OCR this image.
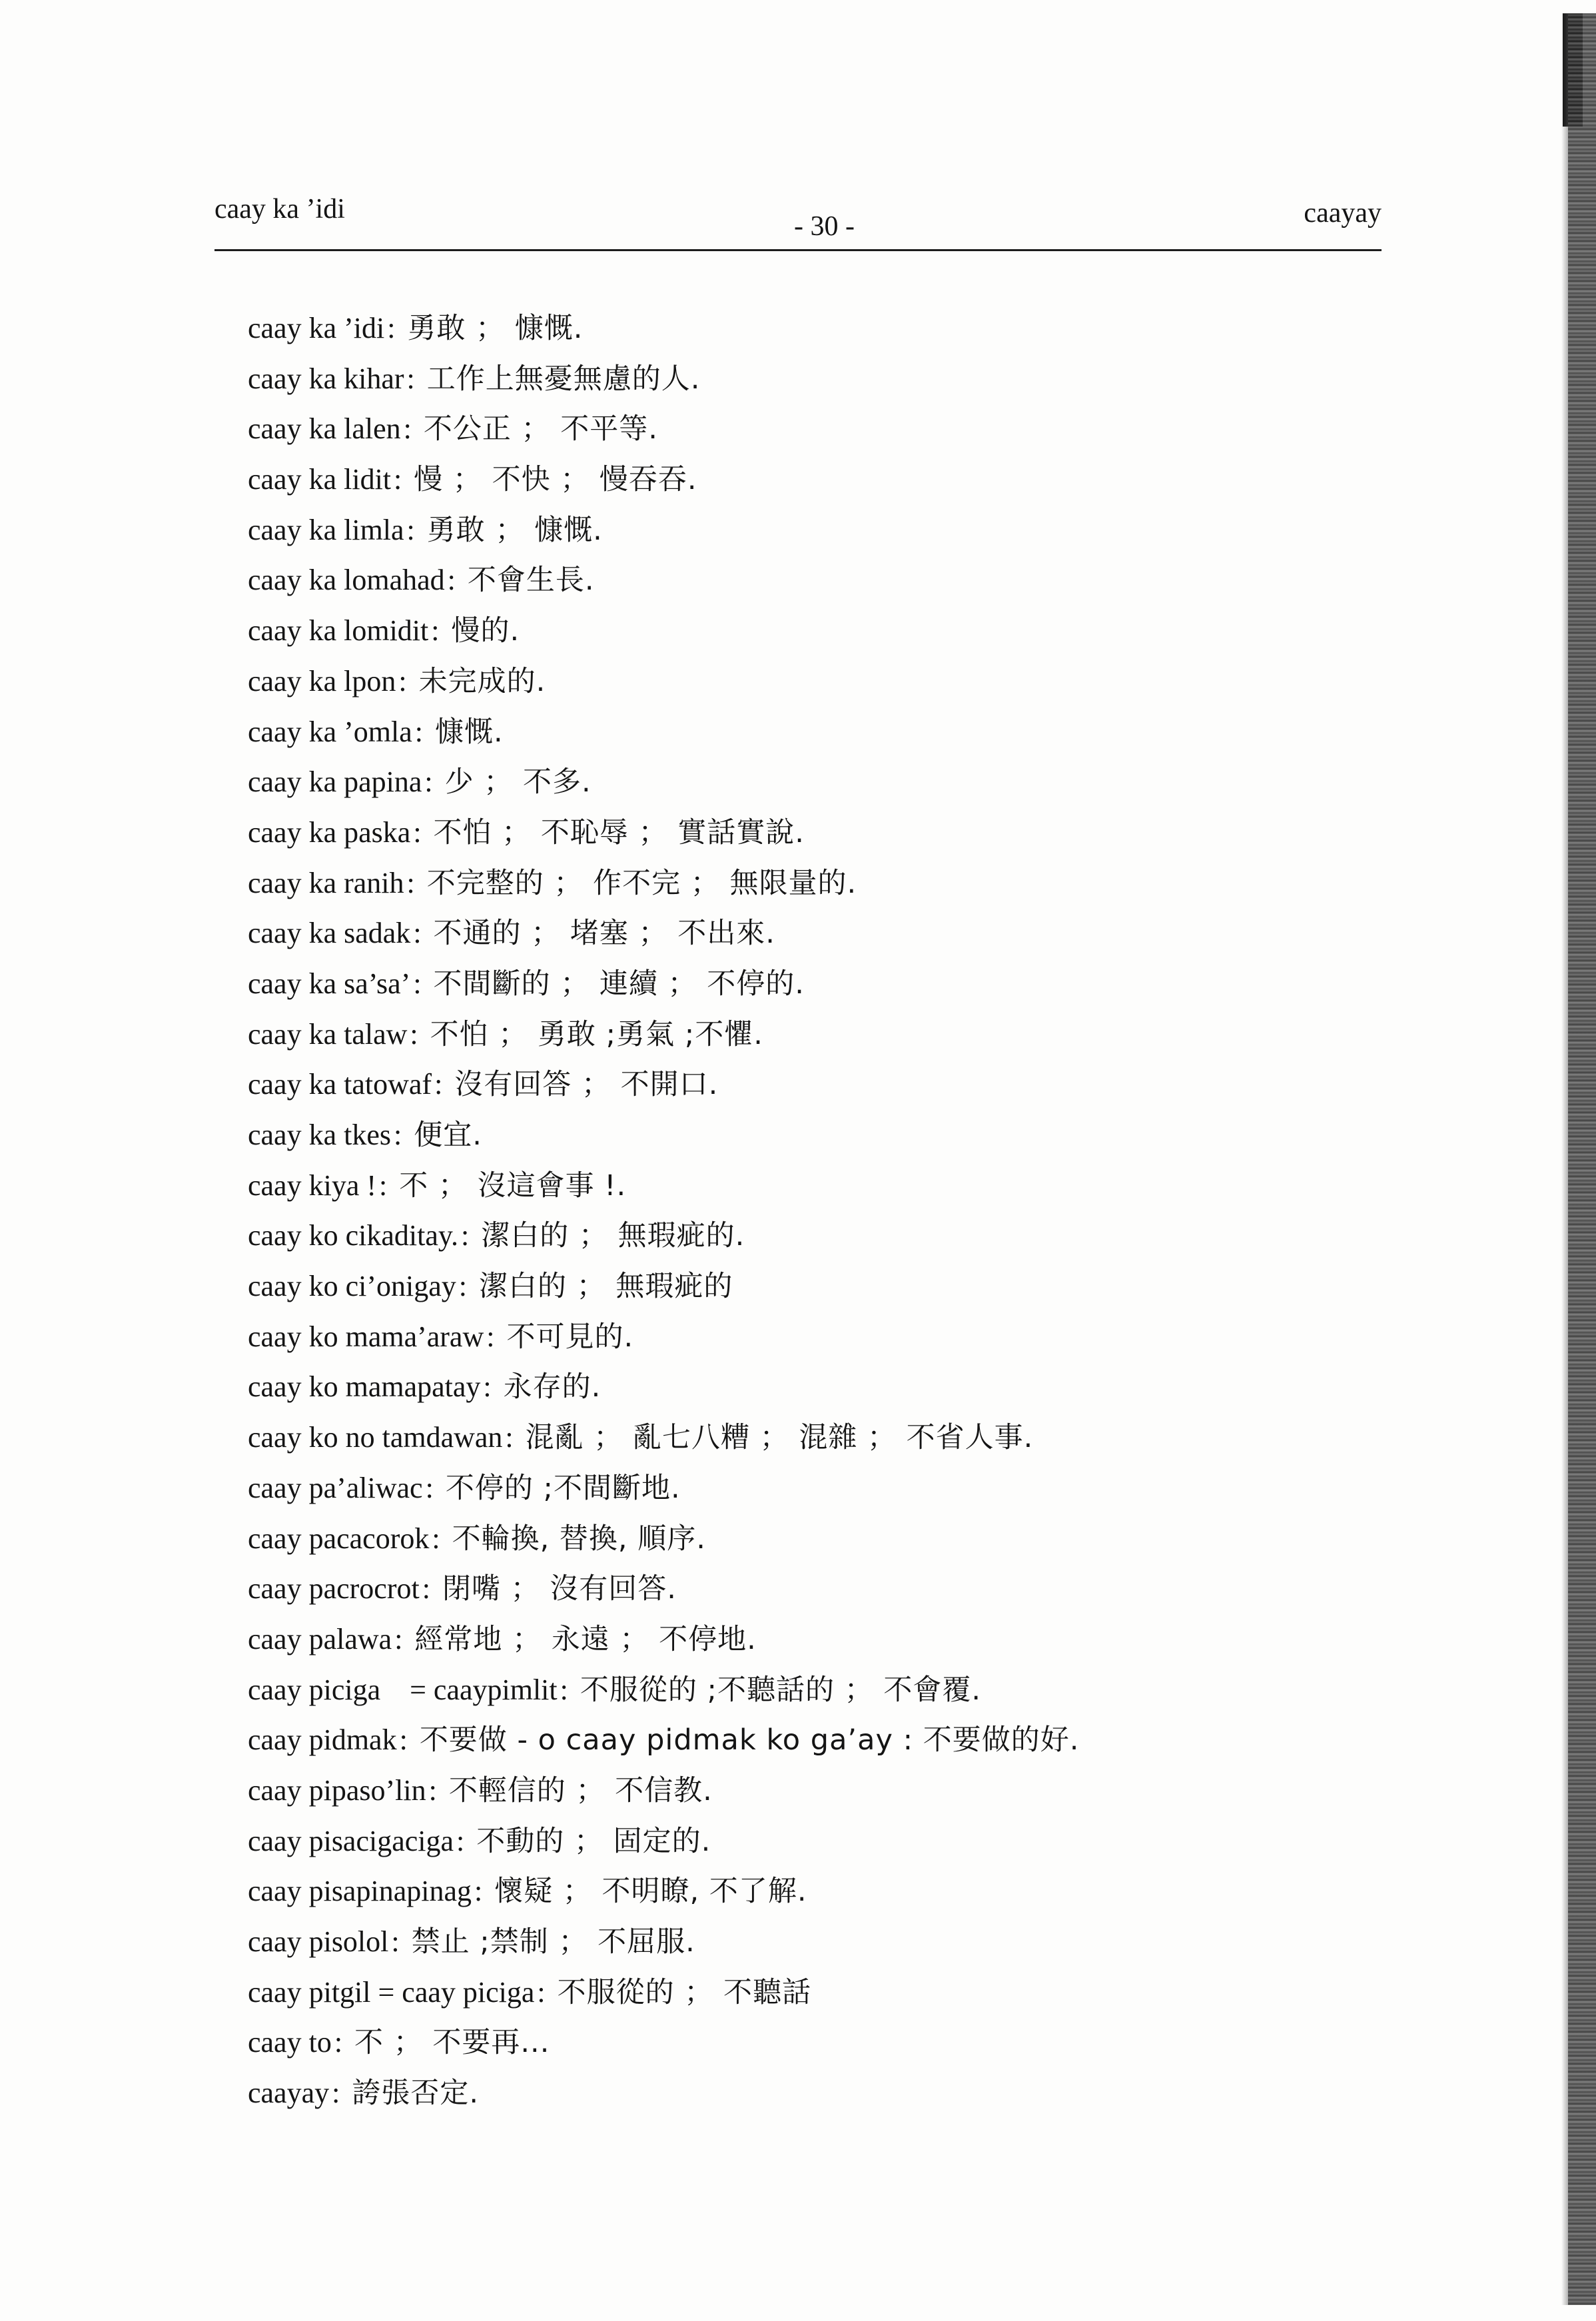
caay ka ’idi
- 30 -	caayay
caay ka ’idi: 勇敢 ； 慷慨.
caay ka kihar: 工作上無憂無慮的人.
caay ka lalen: 不公正 ； 不平等.
caay ka lidit: 慢 ； 不快 ； 慢吞吞.
caay ka limla: 勇敢 ； 慷慨.
caay ka lomahad: 不會生長.
caay ka lomidit: 慢的.
caay ka lpon: 未完成的.
caay ka ’omla: 慷慨.
caay ka papina: 少 ； 不多.
caay ka paska: 不怕 ； 不恥辱 ； 實話實說.
caay ka ranih: 不完整的 ； 作不完 ； 無限量的.
caay ka sadak: 不通的 ； 堵塞 ； 不出來.
caay ka sa’sa’: 不間斷的 ； 連續 ； 不停的.
caay ka talaw: 不怕 ； 勇敢 ;勇氣 ;不懼.
caay ka tatowaf: 沒有回答 ； 不開口.
caay ka tkes: 便宜.
caay kiya !: 不 ； 沒這會事 !.
caay ko cikaditay.: 潔白的 ； 無瑕疵的.
caay ko ci’onigay: 潔白的 ； 無瑕疵的
caay ko mama’araw: 不可見的.
caay ko mamapatay: 永存的.
caay ko no tamdawan: 混亂 ； 亂七八糟 ； 混雜 ； 不省人事.
caay pa’aliwac: 不停的 ;不間斷地.
caay pacacorok: 不輪換, 替換, 順序.
caay pacrocrot: 閉嘴 ； 沒有回答.
caay palawa: 經常地 ； 永遠 ； 不停地.
caay piciga　= caaypimlit: 不服從的 ;不聽話的 ； 不會覆.
caay pidmak: 不要做 - o caay pidmak ko ga’ay : 不要做的好.
caay pipaso’lin: 不輕信的 ； 不信教.
caay pisacigaciga: 不動的 ； 固定的.
caay pisapinapinag: 懷疑 ； 不明瞭, 不了解.
caay pisolol: 禁止 ;禁制 ； 不屈服.
caay pitgil = caay piciga: 不服從的 ； 不聽話
caay to: 不 ； 不要再...
caayay: 誇張否定.
